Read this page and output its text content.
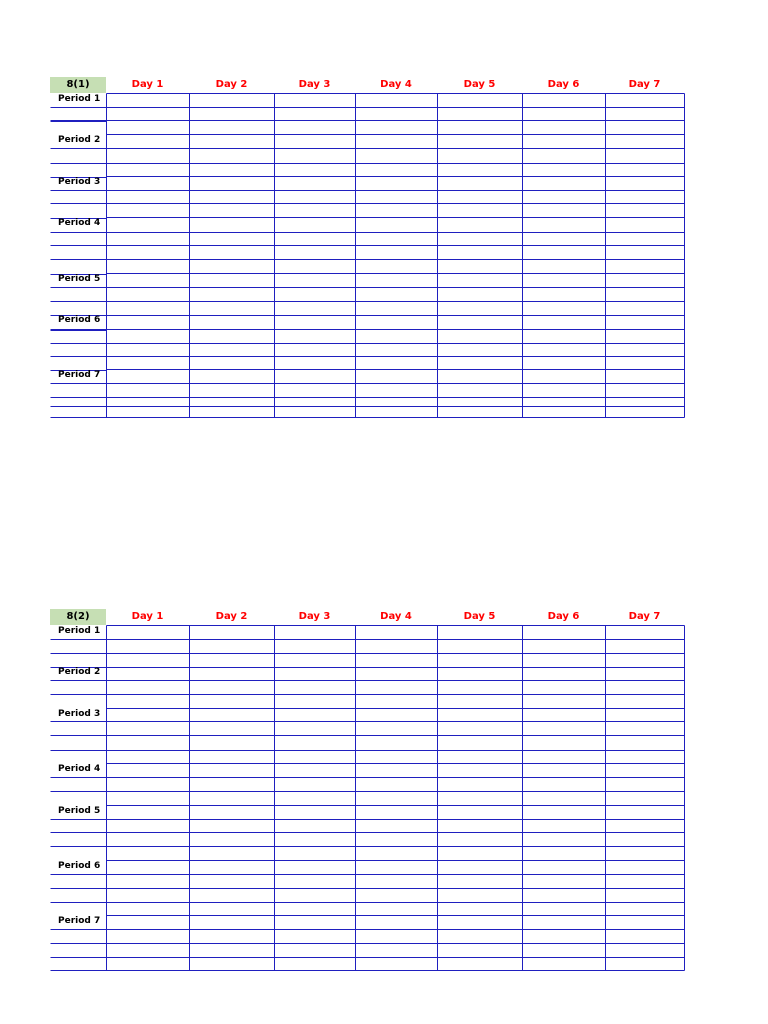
8(1)	Day 1	Day 2	Day 3	Day 4	Day 5	Day 6	Day 7
Period 1
Period 2
Period 3
Period 4
Period 5
Period 6
Period 7
8(2)	Day 1	Day 2	Day 3	Day 4	Day 5	Day 6	Day 7
Period 1
Period 2
Period 3
Period 4
Period 5
Period 6
Period 7
